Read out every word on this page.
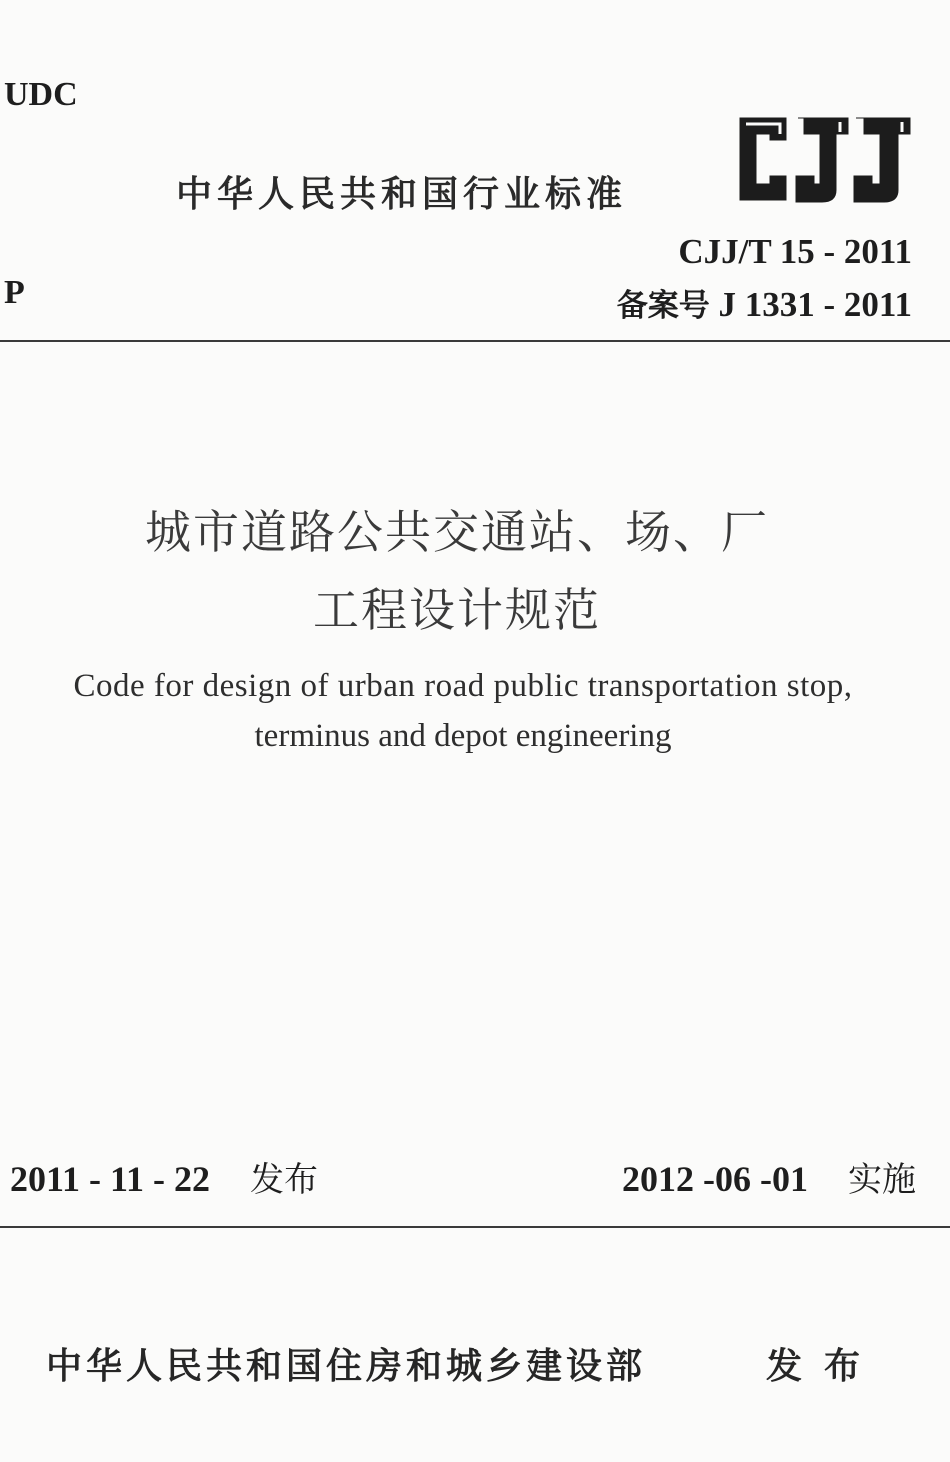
UDC
P
中华人民共和国行业标准
CJJ/T 15 - 2011
备案号 J 1331 - 2011
城市道路公共交通站、场、厂
工程设计规范
Code for design of urban road public transportation stop,
terminus and depot engineering
2011 - 11 - 22 发布	2012 -06 -01 实施
中华人民共和国住房和城乡建设部	发布
